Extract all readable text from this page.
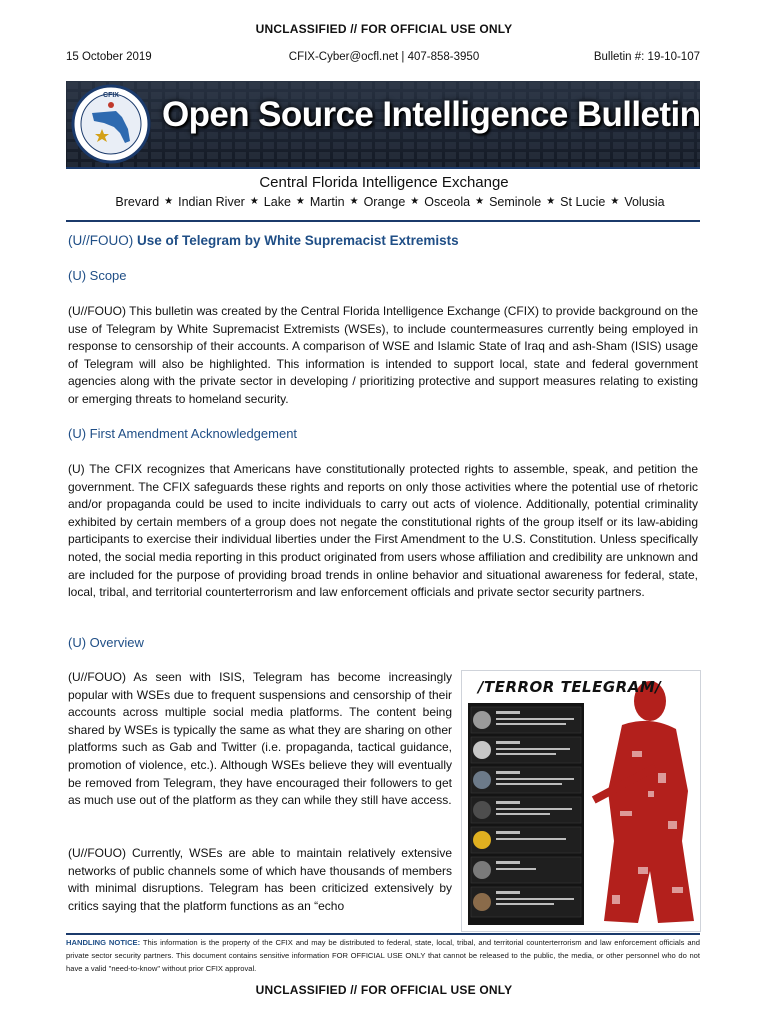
UNCLASSIFIED // FOR OFFICIAL USE ONLY
15 October 2019	CFIX-Cyber@ocfl.net | 407-858-3950	Bulletin #: 19-10-107
CFIX	Open Source Intelligence Bulletin
Central Florida Intelligence Exchange
Brevard ★ Indian River ★ Lake ★ Martin ★ Orange ★ Osceola ★ Seminole ★ St Lucie ★ Volusia
(U//FOUO) Use of Telegram by White Supremacist Extremists
(U) Scope
(U//FOUO) This bulletin was created by the Central Florida Intelligence Exchange (CFIX) to provide background on the use of Telegram by White Supremacist Extremists (WSEs), to include countermeasures currently being employed in response to censorship of their accounts. A comparison of WSE and Islamic State of Iraq and ash-Sham (ISIS) usage of Telegram will also be highlighted. This information is intended to support local, state and federal government agencies along with the private sector in developing / prioritizing protective and support measures relating to existing or emerging threats to homeland security.
(U) First Amendment Acknowledgement
(U) The CFIX recognizes that Americans have constitutionally protected rights to assemble, speak, and petition the government. The CFIX safeguards these rights and reports on only those activities where the potential use of rhetoric and/or propaganda could be used to incite individuals to carry out acts of violence. Additionally, potential criminality exhibited by certain members of a group does not negate the constitutional rights of the group itself or its law-abiding participants to exercise their individual liberties under the First Amendment to the U.S. Constitution. Unless specifically noted, the social media reporting in this product originated from users whose affiliation and credibility are unknown and are included for the purpose of providing broad trends in online behavior and situational awareness for federal, state, local, tribal, and territorial counterterrorism and law enforcement officials and private sector security partners.
(U) Overview
(U//FOUO) As seen with ISIS, Telegram has become increasingly popular with WSEs due to frequent suspensions and censorship of their accounts across multiple social media platforms. The content being shared by WSEs is typically the same as what they are sharing on other platforms such as Gab and Twitter (i.e. propaganda, tactical guidance, promotion of violence, etc.). Although WSEs believe they will eventually be removed from Telegram, they have encouraged their followers to get as much use out of the platform as they can while they still have access.
(U//FOUO) Currently, WSEs are able to maintain relatively extensive networks of public channels some of which have thousands of members with minimal disruptions. Telegram has been criticized extensively by critics saying that the platform functions as an “echo
/TERROR TELEGRAM/
HANDLING NOTICE: This information is the property of the CFIX and may be distributed to federal, state, local, tribal, and territorial counterterrorism and law enforcement officials and private sector security partners. This document contains sensitive information FOR OFFICIAL USE ONLY that cannot be released to the public, the media, or other personnel who do not have a valid "need-to-know" without prior CFIX approval.
UNCLASSIFIED // FOR OFFICIAL USE ONLY
